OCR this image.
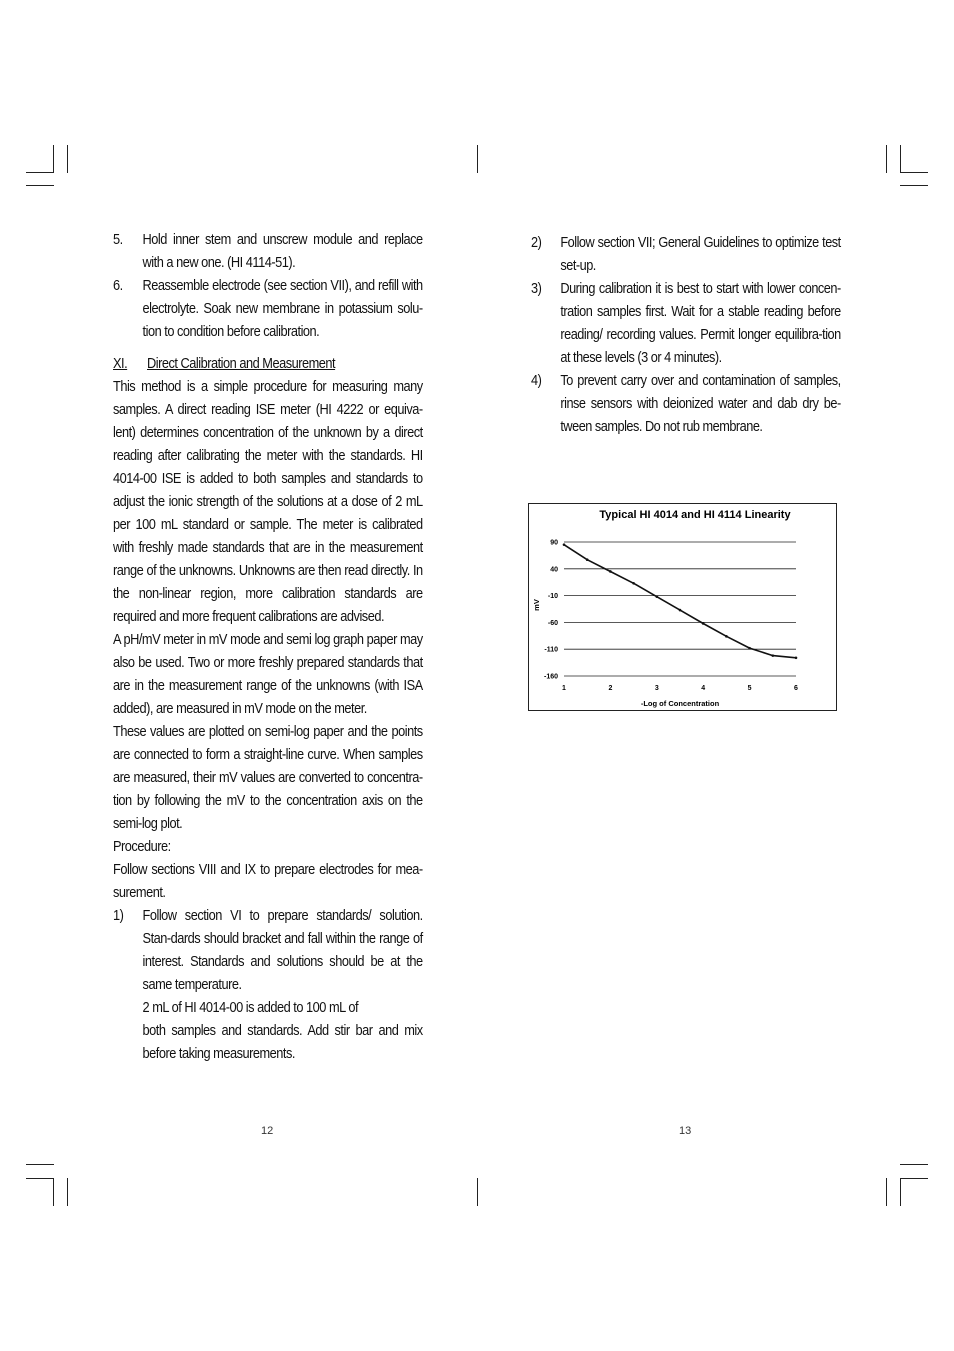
5.	Hold inner stem and unscrew module and replace with a new one. (HI 4114-51).
6.	Reassemble electrode (see section VII), and refill with electrolyte. Soak new membrane in potassium solu-tion to condition before calibration.
XI.	Direct Calibration and Measurement
This method is a simple procedure for measuring many samples. A direct reading ISE meter (HI 4222 or equiva-lent) determines concentration of the unknown by a direct reading after calibrating the meter with the standards. HI 4014-00 ISE is added to both samples and standards to adjust the ionic strength of the solutions at a dose of 2 mL per 100 mL standard or sample. The meter is calibrated with freshly made standards that are in the measurement range of the unknowns. Unknowns are then read directly. In the non-linear region, more calibration standards are required and more frequent calibrations are advised.
A pH/mV meter in mV mode and semi log graph paper may also be used. Two or more freshly prepared standards that are in the measurement range of the unknowns (with ISA added), are measured in mV mode on the meter.
These values are plotted on semi-log paper and the points are connected to form a straight-line curve. When samples are measured, their mV values are converted to concentra-tion by following the mV to the concentration axis on the semi-log plot.
Procedure:
Follow sections VIII and IX to prepare electrodes for mea-surement.
1)	Follow section VI to prepare standards/ solution. Stan-dards should bracket and fall within the range of interest. Standards and solutions should be at the same temperature.
2 mL of HI 4014-00 is added to 100 mL of
both samples and standards. Add stir bar and mix before taking measurements.
2)	Follow section VII; General Guidelines to optimize test set-up.
3)	During calibration it is best to start with lower concen-tration samples first. Wait for a stable reading before reading/ recording values. Permit longer equilibra-tion at these levels (3 or 4 minutes).
4)	To prevent carry over and contamination of samples, rinse sensors with deionized water and dab dry be-tween samples. Do not rub membrane.
Typical HI 4014 and HI 4114 Linearity
mV
-Log of Concentration
90
40
-10
-60
-110
-160
1	2	3	4	5	6
12	13
